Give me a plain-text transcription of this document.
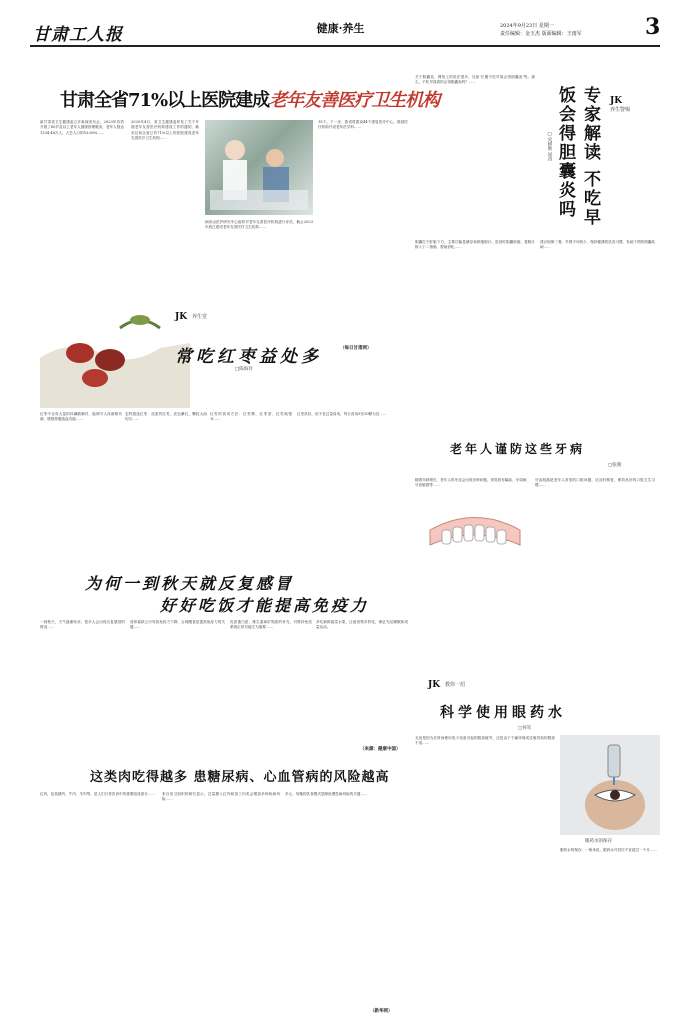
甘肃工人报	健康·养生	2024年9月23日 星期一
责任编辑：金玉杰 版面编辑：王雨军	3
甘肃全省71%以上医院建成老年友善医疗卫生机构
新甘肃省卫生健康委召开新闻发布会，2023年有效开展了60岁及以上老年人健康管理服务，老年人数达1334.48万人，占总人口的53.69%……
2020年4月，省卫生健康委印发了关于开展老年友善医疗机构建设工作的通知，截至目前全省已有71%以上的医院建成老年友善医疗卫生机构……
病房由医护研究中心组织对老年友善医疗机构进行评估，截止2023年底已建成老年友善医疗卫生机构……
15个。下一步，我省将建设44个康复医疗中心，鼓励医疗机构开设老年医学科……
（每日甘肃网）
JK
养生警惕
专家解读 不吃早饭会得胆囊炎吗
□史树勋 屈涛
关于胆囊炎，网络上的说法很多，比如'长期不吃早饭会得胆囊炎'等。那么，不吃早饭真的会得胆囊炎吗？……
胆囊位于肝脏下方，主要功能是储存和浓缩胆汁。进食时胆囊收缩，将胆汁排入十二指肠，帮助消化……
建议规律三餐，早餐不可缺少，保持健康的饮食习惯，有助于预防胆囊疾病……
JK 养生堂
常吃红枣益处多
□陈海玲
红枣中含有大量的环磷酸腺苷，能调节人体新陈代谢，增强骨髓造血功能……
怎样挑选红枣：优质的红枣，皮色紫红，颗粒大而均匀……
红枣的食用方法：红枣粥、红枣茶、红枣炖银耳……
红枣虽好，但不宜过量食用，每日食用5至10颗为宜……
老年人谨防这些牙病
□张燕
随着年龄增长，老年人的牙齿会出现各种问题，常见的有龋齿、牙周病、牙齿敏感等……
牙齿脱落是老年人常见的口腔问题，应及时修复，保持良好的口腔卫生习惯……
为何一到秋天就反复感冒
好好吃饭才能提高免疫力
一到秋天，天气逐渐转凉，很多人会出现反复感冒的情况……
营养素缺乏可导致免疫力下降，合理膳食是提高免疫力的关键……
优质蛋白质、维生素和矿物质的补充，对维持免疫系统正常功能尤为重要……
多吃新鲜蔬菜水果，注意食物多样化，保证充足睡眠和适量运动。
（来源：健康中国）
JK 教你一招
科学使用眼药水
□何军
无论是因为长时间使用电子设备引起的眼部疲劳，还是由于干燥环境或过敏导致的眼部不适……
眼药水的保存
眼药水的保存：一般来说，眼药水开封后不宜超过一个月……
这类肉吃得越多 患糖尿病、心血管病的风险越高
红肉，包括猪肉、牛肉、羊肉等，是人们日常饮食中的重要组成部分……	来自世卫组织的研究显示，过量摄入红肉和加工肉类会增加多种疾病风险……
多元、均衡的饮食模式是降低慢性病风险的关键……
（新华网）
